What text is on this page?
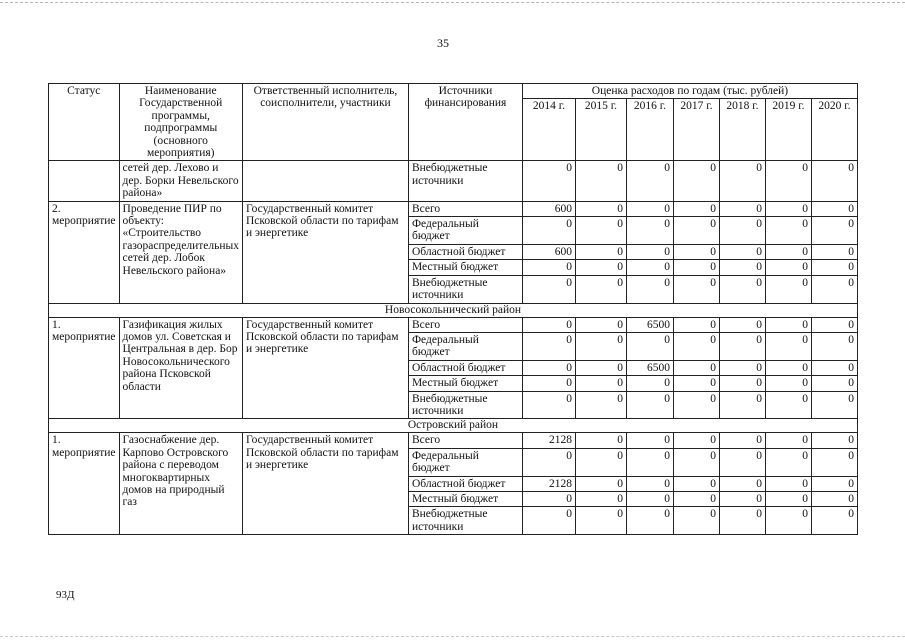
35
Статус	Наименование Государственной программы, подпрограммы (основного мероприятия)	Ответственный исполнитель, соисполнители, участники	Источники финансирования	Оценка расходов по годам (тыс. рублей)						
				2014 г.	2015 г.	2016 г.	2017 г.	2018 г.	2019 г.	2020 г.
	сетей дер. Лехово и дер. Борки Невельского района»		Внебюджетные источники	0	0	0	0	0	0	0
2. мероприятие	Проведение ПИР по объекту: «Строительство газораспределительных сетей дер. Лобок Невельского района»	Государственный комитет Псковской области по тарифам и энергетике	Всего	600	0	0	0	0	0	0
			Федеральный бюджет	0	0	0	0	0	0	0
			Областной бюджет	600	0	0	0	0	0	0
			Местный бюджет	0	0	0	0	0	0	0
			Внебюджетные источники	0	0	0	0	0	0	0
Новосокольнический район										
1. мероприятие	Газификация жилых домов ул. Советская и Центральная в дер. Бор Новосокольнического района Псковской области	Государственный комитет Псковской области по тарифам и энергетике	Всего	0	0	6500	0	0	0	0
			Федеральный бюджет	0	0	0	0	0	0	0
			Областной бюджет	0	0	6500	0	0	0	0
			Местный бюджет	0	0	0	0	0	0	0
			Внебюджетные источники	0	0	0	0	0	0	0
Островский район										
1. мероприятие	Газоснабжение дер. Карпово Островского района с переводом многоквартирных домов на природный газ	Государственный комитет Псковской области по тарифам и энергетике	Всего	2128	0	0	0	0	0	0
			Федеральный бюджет	0	0	0	0	0	0	0
			Областной бюджет	2128	0	0	0	0	0	0
			Местный бюджет	0	0	0	0	0	0	0
			Внебюджетные источники	0	0	0	0	0	0	0
93Д
